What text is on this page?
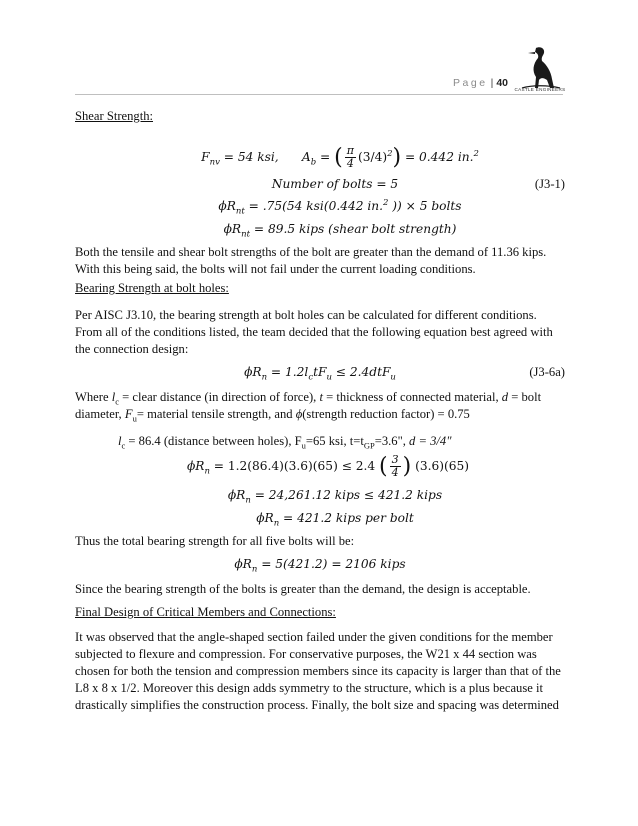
Page | 40
CASTLE ENGINEERS

Shear Strength:

$F_{nv} = 54$ ksi, $A_b$ = ( $\frac{\pi}{4} (3/4)^2) = 0.442$ in.$^2$
Number of bolts = 5	(J3-1)
$\phi R_{nt} = .75(54$ ksi(0.442 in.$^2$ )) × 5 bolts
$\phi R_{nt} = 89.5$ kips (shear bolt strength)

Both the tensile and shear bolt strengths of the bolt are greater than the demand of 11.36 kips. With this being said, the bolts will not fail under the current loading conditions.

Bearing Strength at bolt holes:

Per AISC J3.10, the bearing strength at bolt holes can be calculated for different conditions. From all of the conditions listed, the team decided that the following equation best agreed with the connection design:

$\phi R_n = 1.2l_ctF_u \le 2.4dtF_u$	(J3-6a)

Where $l_c$ = clear distance (in direction of force), t = thickness of connected material, d = bolt diameter, $F_u=$ material tensile strength, and ϕ(strength reduction factor) = 0.75

$l_c = 86.4$ (distance between holes), $F_u=65$ ksi, $t=t_{GP}=3.6$", d = 3/4"

$\phi R_n = 1.2(86.4)(3.6)(65) \le 2.4$ ( $\frac{3}{4}$ ) (3.6)(65)
$\phi R_n = 24,261.12$ kips ≤ 421.2 kips
$\phi R_n = 421.2$ kips per bolt

Thus the total bearing strength for all five bolts will be:

$\phi R_n = 5(421.2) = 2106$ kips

Since the bearing strength of the bolts is greater than the demand, the design is acceptable.

Final Design of Critical Members and Connections:

It was observed that the angle-shaped section failed under the given conditions for the member subjected to flexure and compression. For conservative purposes, the W21 x 44 section was chosen for both the tension and compression members since its capacity is larger than that of the L8 x 8 x 1/2. Moreover this design adds symmetry to the structure, which is a plus because it drastically simplifies the construction process. Finally, the bolt size and spacing was determined
